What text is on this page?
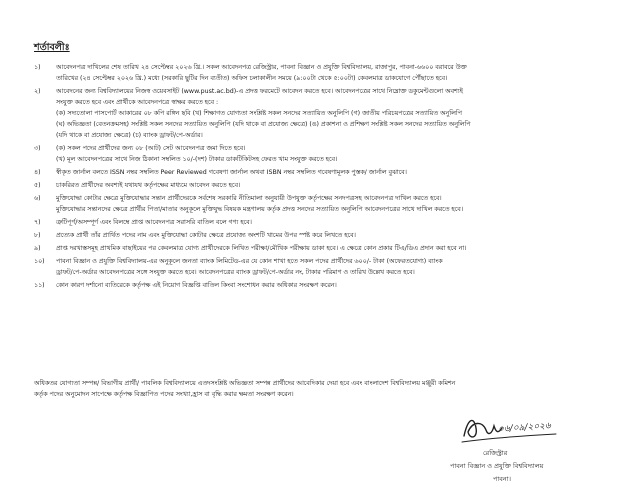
শর্তাবলীঃ
১)	আবেদনপত্র দাখিলের শেষ তারিখ ২৪ সেপ্টেম্বর ২০২৬ খ্রি.। সকল আবেদনপত্র রেজিস্ট্রার, পাবনা বিজ্ঞান ও প্রযুক্তি বিশ্ববিদ্যালয়, রাজাপুর, পাবনা-৬৬০০ বরাবরে উক্ত

তারিখের (২৪ সেপ্টেম্বর ২০২৬ খ্রি.) মধ্যে (সরকারি ছুটির দিন ব্যতীত) অফিস চলাকালীন সময়ে (৯:০০টা থেকে ৫:০০টা) কেবলমাত্র ডাকযোগে পৌঁছাতে হবে।

২)	আবেদনের জন্য বিশ্ববিদ্যালয়ের নিজস্ব ওয়েবসাইট (www.pust.ac.bd)-এ প্রদত্ত ফরমেটে আবেদন করতে হবে। আবেদনপত্রের সাথে নিম্নোক্ত ডকুমেন্টগুলো অবশ্যই

সংযুক্ত করতে হবে এবং প্রার্থীকে আবেদনপত্রে স্বাক্ষর করতে হবে :

(ক) সদ্যতোলা পাসপোর্ট আকারের ০৮ কপি রঙ্গিন ছবি (খ) শিক্ষাগত যোগ্যতা সংশ্লিষ্ট সকল সনদের সত্যায়িত অনুলিপি (গ) জাতীয় পরিচয়পত্রের সত্যায়িত অনুলিপি

(ঘ) অভিজ্ঞতা (বেতনক্রমসহ) সংশ্লিষ্ট সকল সনদের সত্যায়িত অনুলিপি (যদি থাকে বা প্রযোজ্য ক্ষেত্রে) (ঙ) প্রকাশনা ও প্রশিক্ষণ সংশ্লিষ্ট সকল সনদের সত্যায়িত অনুলিপি

(যদি থাকে বা প্রযোজ্য ক্ষেত্রে) (চ) ব্যাংক ড্রাফট/পে-অর্ডার।

৩)	(ক) সকল পদের প্রার্থীদের জন্য ০৮ (আট) সেট আবেদনপত্র জমা দিতে হবে।

(খ) মূল আবেদনপত্রের সাথে নিজ ঠিকানা সম্বলিত ১০/-(দশ) টাকার ডাকটিকিটসহ ফেরত খাম সংযুক্ত করতে হবে।

৪)	স্বীকৃত জার্নাল বলতে ISSN নম্বর সম্বলিত Peer Reviewed গবেষণা জার্নাল অথবা ISBN নম্বর সম্বলিত গবেষণামূলক পুস্তক/ জার্নাল বুঝাবে।

৫)	চাকরিরত প্রার্থীদের অবশ্যই যথাযথ কর্তৃপক্ষের মাধ্যমে আবেদন করতে হবে।

৬)	মুক্তিযোদ্ধা কোটার ক্ষেত্রে মুক্তিযোদ্ধার সন্তান প্রার্থীদেরকে সর্বশেষ সরকারি নীতিমালা অনুযায়ী উপযুক্ত কর্তৃপক্ষের সনদপত্রসহ আবেদনপত্র দাখিল করতে হবে।

মুক্তিযোদ্ধার সন্তানদের ক্ষেত্রে প্রার্থীর পিতা/মাতার অনুকূলে মুক্তিযুদ্ধ বিষয়ক মন্ত্রণালয় কর্তৃক প্রদত্ত সনদের সত্যায়িত অনুলিপি আবেদনপত্রের সাথে দাখিল করতে হবে।

৭)	ত্রুটিপূর্ণ/অসম্পূর্ণ এবং বিলম্বে প্রাপ্ত আবেদনপত্র সরাসরি বাতিল বলে গণ্য হবে।

৮)	প্রত্যেক প্রার্থী তাঁর প্রার্থিত পদের নাম এবং মুক্তিযোদ্ধা কোটার ক্ষেত্রে প্রযোজ্য অংশটি খামের উপর স্পষ্ট করে লিখতে হবে।

৯)	প্রাপ্ত দরখাস্তসমূহ প্রাথমিক বাছাইয়ের পর কেবলমাত্র যোগ্য প্রার্থীদেরকে লিখিত পরীক্ষা/মৌখিক পরীক্ষায় ডাকা হবে। এ ক্ষেত্রে কোন প্রকার টিএ/ডিএ প্রদান করা হবে না।

১০)	পাবনা বিজ্ঞান ও প্রযুক্তি বিশ্ববিদ্যালয়-এর অনুকূলে জনতা ব্যাংক লিমিটেড-এর যে কোন শাখা হতে সকল পদের প্রার্থীদের ৬০০/- টাকা (অফেরতযোগ্য) ব্যাংক

ড্রাফট/পে-অর্ডার আবেদনপত্রের সঙ্গে সংযুক্ত করতে হবে। আবেদনপত্রের ব্যাংক ড্রাফট/পে-অর্ডার নং, টাকার পরিমাণ ও তারিখ উল্লেখ করতে হবে।

১১)	কোন কারণ দর্শানো ব্যতিরেকে কর্তৃপক্ষ এই নিয়োগ বিজ্ঞপ্তি বাতিল কিংবা সংশোধন করার অধিকার সংরক্ষণ করেন।

অধিকতর যোগ্যতা সম্পন্ন/ বিভাগীয় প্রার্থী/ পাবলিক বিশ্ববিদ্যালয়ে এতদসংশ্লিষ্ট অভিজ্ঞতা সম্পন্ন প্রার্থীদের আবেদিকার দেয়া হবে এবং বাংলাদেশ বিশ্ববিদ্যালয় মঞ্জুরী কমিশন

কর্তৃক পদের অনুমোদন সাপেক্ষে কর্তৃপক্ষ বিজ্ঞাপিত পদের সংখ্যা,হ্রাস বা বৃদ্ধি করার ক্ষমতা সংরক্ষণ করেন।

০৬/০৯/২০২৬
রেজিস্ট্রার
পাবনা বিজ্ঞান ও প্রযুক্তি বিশ্ববিদ্যালয়
পাবনা।
